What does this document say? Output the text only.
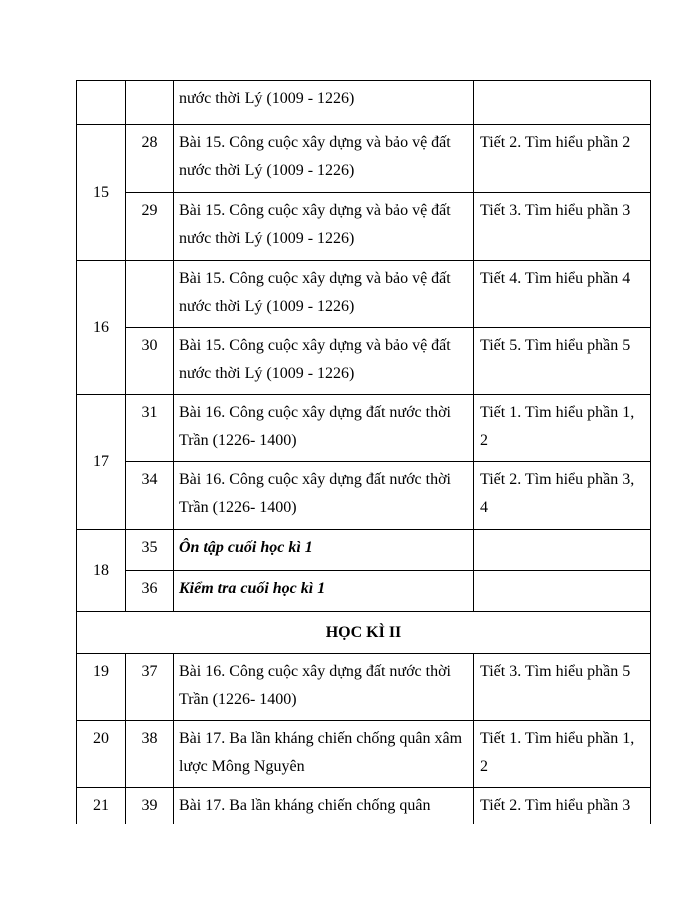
		nước thời Lý (1009 - 1226)	
15	28	Bài 15. Công cuộc xây dựng và bảo vệ đất nước thời Lý (1009 - 1226)	Tiết 2. Tìm hiểu phần 2
	29	Bài 15. Công cuộc xây dựng và bảo vệ đất nước thời Lý (1009 - 1226)	Tiết 3. Tìm hiểu phần 3
16		Bài 15. Công cuộc xây dựng và bảo vệ đất nước thời Lý (1009 - 1226)	Tiết 4. Tìm hiểu phần 4
	30	Bài 15. Công cuộc xây dựng và bảo vệ đất nước thời Lý (1009 - 1226)	Tiết 5. Tìm hiểu phần 5
17	31	Bài 16. Công cuộc xây dựng đất nước thời Trần (1226- 1400)	Tiết 1. Tìm hiểu phần 1, 2
	34	Bài 16. Công cuộc xây dựng đất nước thời Trần (1226- 1400)	Tiết 2. Tìm hiểu phần 3, 4
18	35	Ôn tập cuối học kì 1	
	36	Kiểm tra cuối học kì 1	
HỌC KÌ II			
19	37	Bài 16. Công cuộc xây dựng đất nước thời Trần (1226- 1400)	Tiết 3. Tìm hiểu phần 5
20	38	Bài 17. Ba lần kháng chiến chống quân xâm lược Mông Nguyên	Tiết 1. Tìm hiểu phần 1, 2
21	39	Bài 17. Ba lần kháng chiến chống quân	Tiết 2. Tìm hiểu phần 3
